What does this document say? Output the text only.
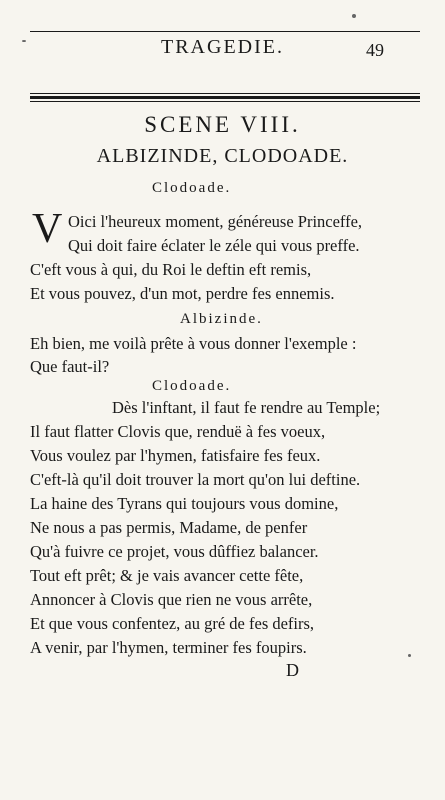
TRAGEDIE.	49
SCENE VIII.
ALBIZINDE, CLODOADE.
Clodoade.
V Oici l'heureux moment, généreuse Princeffe,
Qui doit faire éclater le zéle qui vous preffe.
C'eft vous à qui, du Roi le deftin eft remis,
Et vous pouvez, d'un mot, perdre fes ennemis.
Albizinde.
Eh bien, me voilà prête à vous donner l'exemple :
Que faut-il?
Clodoade.
Dès l'inftant, il faut fe rendre au Temple;
Il faut flatter Clovis que, renduë à fes voeux,
Vous voulez par l'hymen, fatisfaire fes feux.
C'eft-là qu'il doit trouver la mort qu'on lui deftine.
La haine des Tyrans qui toujours vous domine,
Ne nous a pas permis, Madame, de penfer
Qu'à fuivre ce projet, vous dûffiez balancer.
Tout eft prêt; & je vais avancer cette fête,
Annoncer à Clovis que rien ne vous arrête,
Et que vous confentez, au gré de fes defirs,
A venir, par l'hymen, terminer fes foupirs.
D
